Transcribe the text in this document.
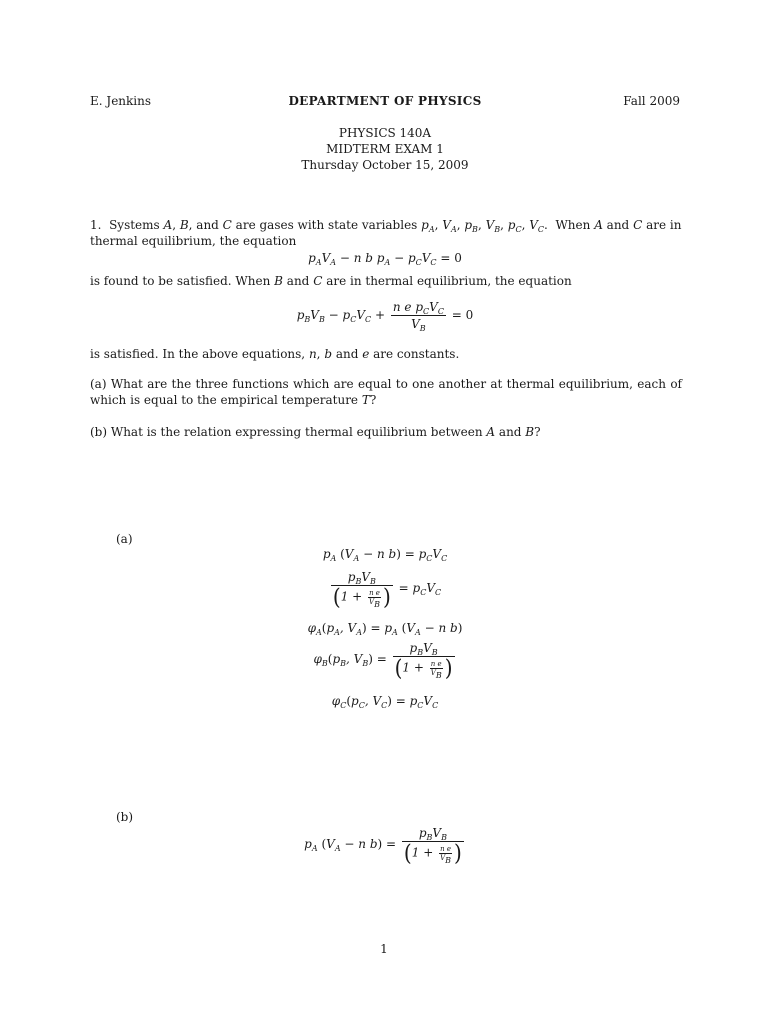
E. Jenkins	DEPARTMENT OF PHYSICS	Fall 2009
PHYSICS 140A
MIDTERM EXAM 1
Thursday October 15, 2009
1.  Systems A, B, and C are gases with state variables $p_A$, $V_A$, $p_B$, $V_B$, $p_C$, $V_C$.  When A and C are in
thermal equilibrium, the equation
$p_AV_A - n$ b $p_A - p_CV_C = 0$
is found to be satisfied. When B and C are in thermal equilibrium, the equation
$p_BV_B - p_CV_C + \frac{n e p_CV_C}{V_B} = 0$
is satisfied. In the above equations, n, b and e are constants.
(a) What are the three functions which are equal to one another at thermal equilibrium, each of which is equal to the empirical temperature T?
(b) What is the relation expressing thermal equilibrium between A and B?
(a)
$p_A$ ($V_A - n$ $b) = p_CV_C$
$\frac{p_BV_B}{(1 + \frac{\text{n e}}{V_B} )} = p_CV_C$
$\varphi_A(p_A$, $V_A) = p_A$ ($V_A - n$ b)
$\varphi_B(p_B$, $V_B) = \frac{p_BV_B}{(1 + \frac{\text{n e}}{V_B} )}$
$\varphi_C(p_C$, $V_C) = p_CV_C$
(b)
$p_A$ ($V_A - n$ $b) = \frac{p_BV_B}{(1 + \frac{\text{n e}}{V_B} )}$
1
